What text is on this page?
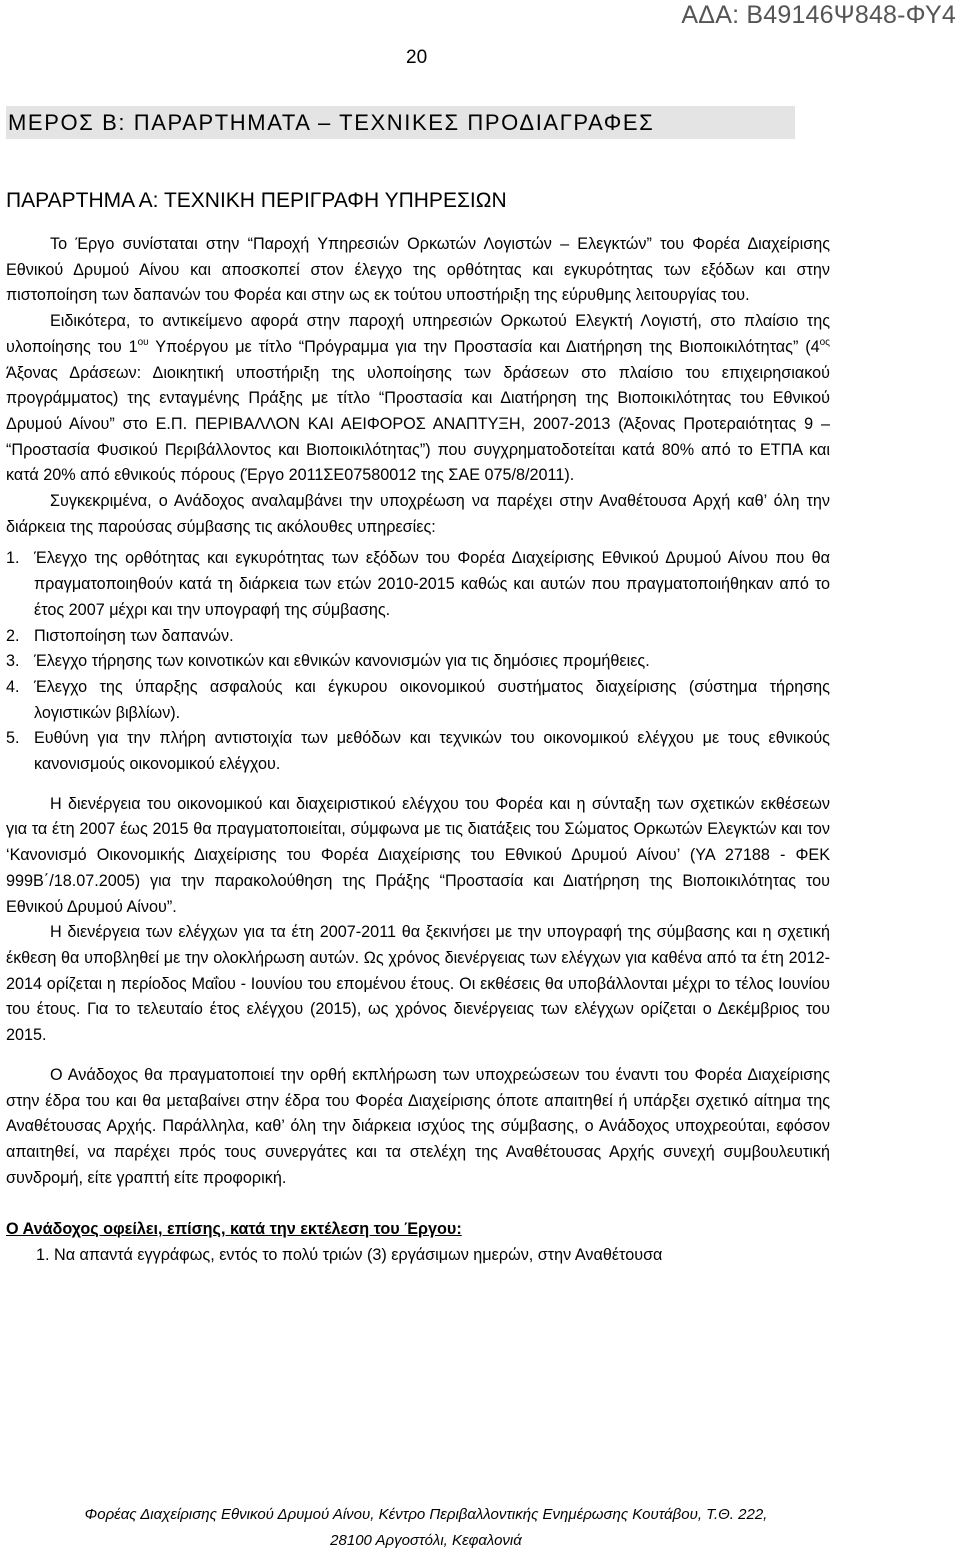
ΑΔΑ: Β49146Ψ848-ΦΥ4
20
ΜΕΡΟΣ Β: ΠΑΡΑΡΤΗΜΑΤΑ – ΤΕΧΝΙΚΕΣ ΠΡΟΔΙΑΓΡΑΦΕΣ
ΠΑΡΑΡΤΗΜΑ Α: ΤΕΧΝΙΚΗ ΠΕΡΙΓΡΑΦΗ ΥΠΗΡΕΣΙΩΝ

Το Έργο συνίσταται στην “Παροχή Υπηρεσιών Ορκωτών Λογιστών – Ελεγκτών” του Φορέα Διαχείρισης Εθνικού Δρυμού Αίνου και αποσκοπεί στον έλεγχο της ορθότητας και εγκυρότητας των εξόδων και στην πιστοποίηση των δαπανών του Φορέα και στην ως εκ τούτου υποστήριξη της εύρυθμης λειτουργίας του.

Ειδικότερα, το αντικείμενο αφορά στην παροχή υπηρεσιών Ορκωτού Ελεγκτή Λογιστή, στο πλαίσιο της υλοποίησης του $1^{o\upsilon}$ Υποέργου με τίτλο “Πρόγραμμα για την Προστασία και Διατήρηση της Βιοποικιλότητας” ($4^{o\varsigma}$ Άξονας Δράσεων: Διοικητική υποστήριξη της υλοποίησης των δράσεων στο πλαίσιο του επιχειρησιακού προγράμματος) της ενταγμένης Πράξης με τίτλο “Προστασία και Διατήρηση της Βιοποικιλότητας του Εθνικού Δρυμού Αίνου” στο Ε.Π. ΠΕΡΙΒΑΛΛΟΝ ΚΑΙ ΑΕΙΦΟΡΟΣ ΑΝΑΠΤΥΞΗ, 2007-2013 (Άξονας Προτεραιότητας 9 – “Προστασία Φυσικού Περιβάλλοντος και Βιοποικιλότητας”) που συγχρηματοδοτείται κατά 80% από το ΕΤΠΑ και κατά 20% από εθνικούς πόρους (Έργο 2011ΣΕ07580012 της ΣΑΕ 075/8/2011).

Συγκεκριμένα, ο Ανάδοχος αναλαμβάνει την υποχρέωση να παρέχει στην Αναθέτουσα Αρχή καθ’ όλη την διάρκεια της παρούσας σύμβασης τις ακόλουθες υπηρεσίες:

1. Έλεγχο της ορθότητας και εγκυρότητας των εξόδων του Φορέα Διαχείρισης Εθνικού Δρυμού Αίνου που θα πραγματοποιηθούν κατά τη διάρκεια των ετών 2010-2015 καθώς και αυτών που πραγματοποιήθηκαν από το έτος 2007 μέχρι και την υπογραφή της σύμβασης.
2. Πιστοποίηση των δαπανών.
3. Έλεγχο τήρησης των κοινοτικών και εθνικών κανονισμών για τις δημόσιες προμήθειες.
4. Έλεγχο της ύπαρξης ασφαλούς και έγκυρου οικονομικού συστήματος διαχείρισης (σύστημα τήρησης λογιστικών βιβλίων).
5. Ευθύνη για την πλήρη αντιστοιχία των μεθόδων και τεχνικών του οικονομικού ελέγχου με τους εθνικούς κανονισμούς οικονομικού ελέγχου.

Η διενέργεια του οικονομικού και διαχειριστικού ελέγχου του Φορέα και η σύνταξη των σχετικών εκθέσεων για τα έτη 2007 έως 2015 θα πραγματοποιείται, σύμφωνα με τις διατάξεις του Σώματος Ορκωτών Ελεγκτών και τον ‘Κανονισμό Οικονομικής Διαχείρισης του Φορέα Διαχείρισης του Εθνικού Δρυμού Αίνου’ (ΥΑ 27188 - ΦΕΚ 999Β΄/18.07.2005) για την παρακολούθηση της Πράξης “Προστασία και Διατήρηση της Βιοποικιλότητας του Εθνικού Δρυμού Αίνου”.

Η διενέργεια των ελέγχων για τα έτη 2007-2011 θα ξεκινήσει με την υπογραφή της σύμβασης και η σχετική έκθεση θα υποβληθεί με την ολοκλήρωση αυτών. Ως χρόνος διενέργειας των ελέγχων για καθένα από τα έτη 2012-2014 ορίζεται η περίοδος Μαΐου - Ιουνίου του επομένου έτους. Οι εκθέσεις θα υποβάλλονται μέχρι το τέλος Ιουνίου του έτους. Για το τελευταίο έτος ελέγχου (2015), ως χρόνος διενέργειας των ελέγχων ορίζεται ο Δεκέμβριος του 2015.

Ο Ανάδοχος θα πραγματοποιεί την ορθή εκπλήρωση των υποχρεώσεων του έναντι του Φορέα Διαχείρισης στην έδρα του και θα μεταβαίνει στην έδρα του Φορέα Διαχείρισης όποτε απαιτηθεί ή υπάρξει σχετικό αίτημα της Αναθέτουσας Αρχής. Παράλληλα, καθ’ όλη την διάρκεια ισχύος της σύμβασης, ο Ανάδοχος υποχρεούται, εφόσον απαιτηθεί, να παρέχει πρός τους συνεργάτες και τα στελέχη της Αναθέτουσας Αρχής συνεχή συμβουλευτική συνδρομή, είτε γραπτή είτε προφορική.

Ο Ανάδοχος οφείλει, επίσης, κατά την εκτέλεση του Έργου:

1. Να απαντά εγγράφως, εντός το πολύ τριών (3) εργάσιμων ημερών, στην Αναθέτουσα
Φορέας Διαχείρισης Εθνικού Δρυμού Αίνου, Κέντρο Περιβαλλοντικής Ενημέρωσης Κουτάβου, Τ.Θ. 222,
28100 Αργοστόλι, Κεφαλονιά
